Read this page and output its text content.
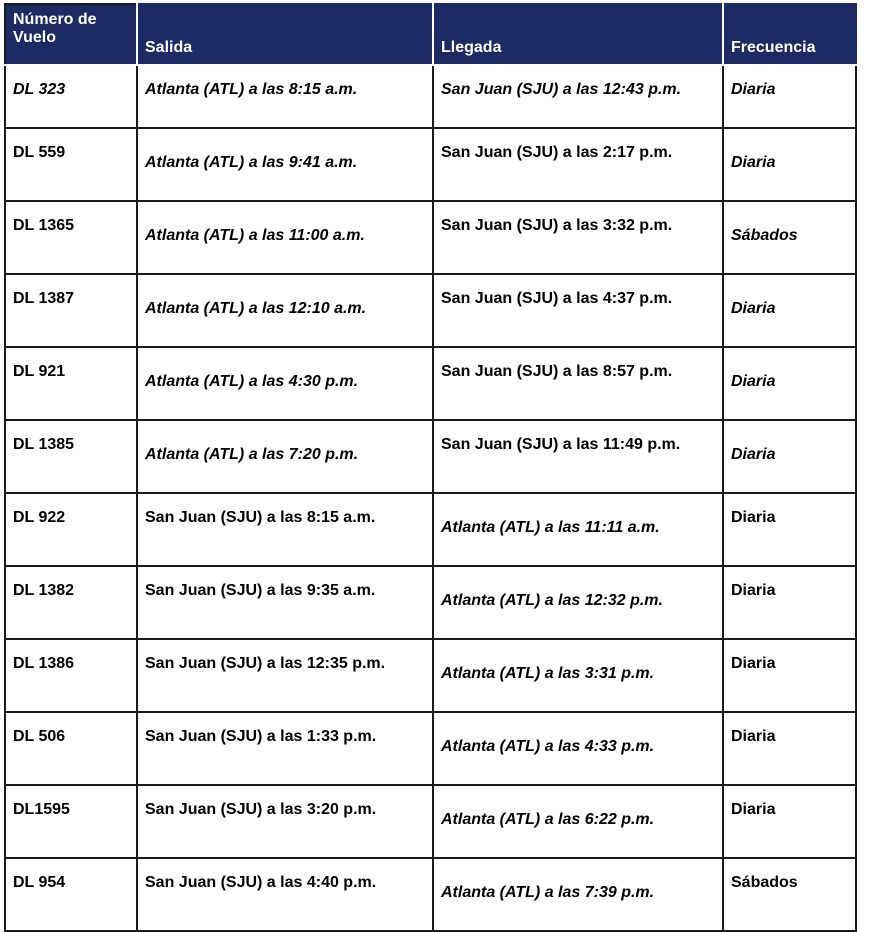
Número de Vuelo	Salida	Llegada	Frecuencia
DL 323	Atlanta (ATL) a las 8:15 a.m.	San Juan (SJU) a las 12:43 p.m.	Diaria
DL 559	Atlanta (ATL) a las 9:41 a.m.	San Juan (SJU) a las 2:17 p.m.	Diaria
DL 1365	Atlanta (ATL) a las 11:00 a.m.	San Juan (SJU) a las 3:32 p.m.	Sábados
DL 1387	Atlanta (ATL) a las 12:10 a.m.	San Juan (SJU) a las 4:37 p.m.	Diaria
DL 921	Atlanta (ATL) a las 4:30 p.m.	San Juan (SJU) a las 8:57 p.m.	Diaria
DL 1385	Atlanta (ATL) a las 7:20 p.m.	San Juan (SJU) a las 11:49 p.m.	Diaria
DL 922	San Juan (SJU) a las 8:15 a.m.	Atlanta (ATL) a las 11:11 a.m.	Diaria
DL 1382	San Juan (SJU) a las 9:35 a.m.	Atlanta (ATL) a las 12:32 p.m.	Diaria
DL 1386	San Juan (SJU) a las 12:35 p.m.	Atlanta (ATL) a las 3:31 p.m.	Diaria
DL 506	San Juan (SJU) a las 1:33 p.m.	Atlanta (ATL) a las 4:33 p.m.	Diaria
DL1595	San Juan (SJU) a las 3:20 p.m.	Atlanta (ATL) a las 6:22 p.m.	Diaria
DL 954	San Juan (SJU) a las 4:40 p.m.	Atlanta (ATL) a las 7:39 p.m.	Sábados
